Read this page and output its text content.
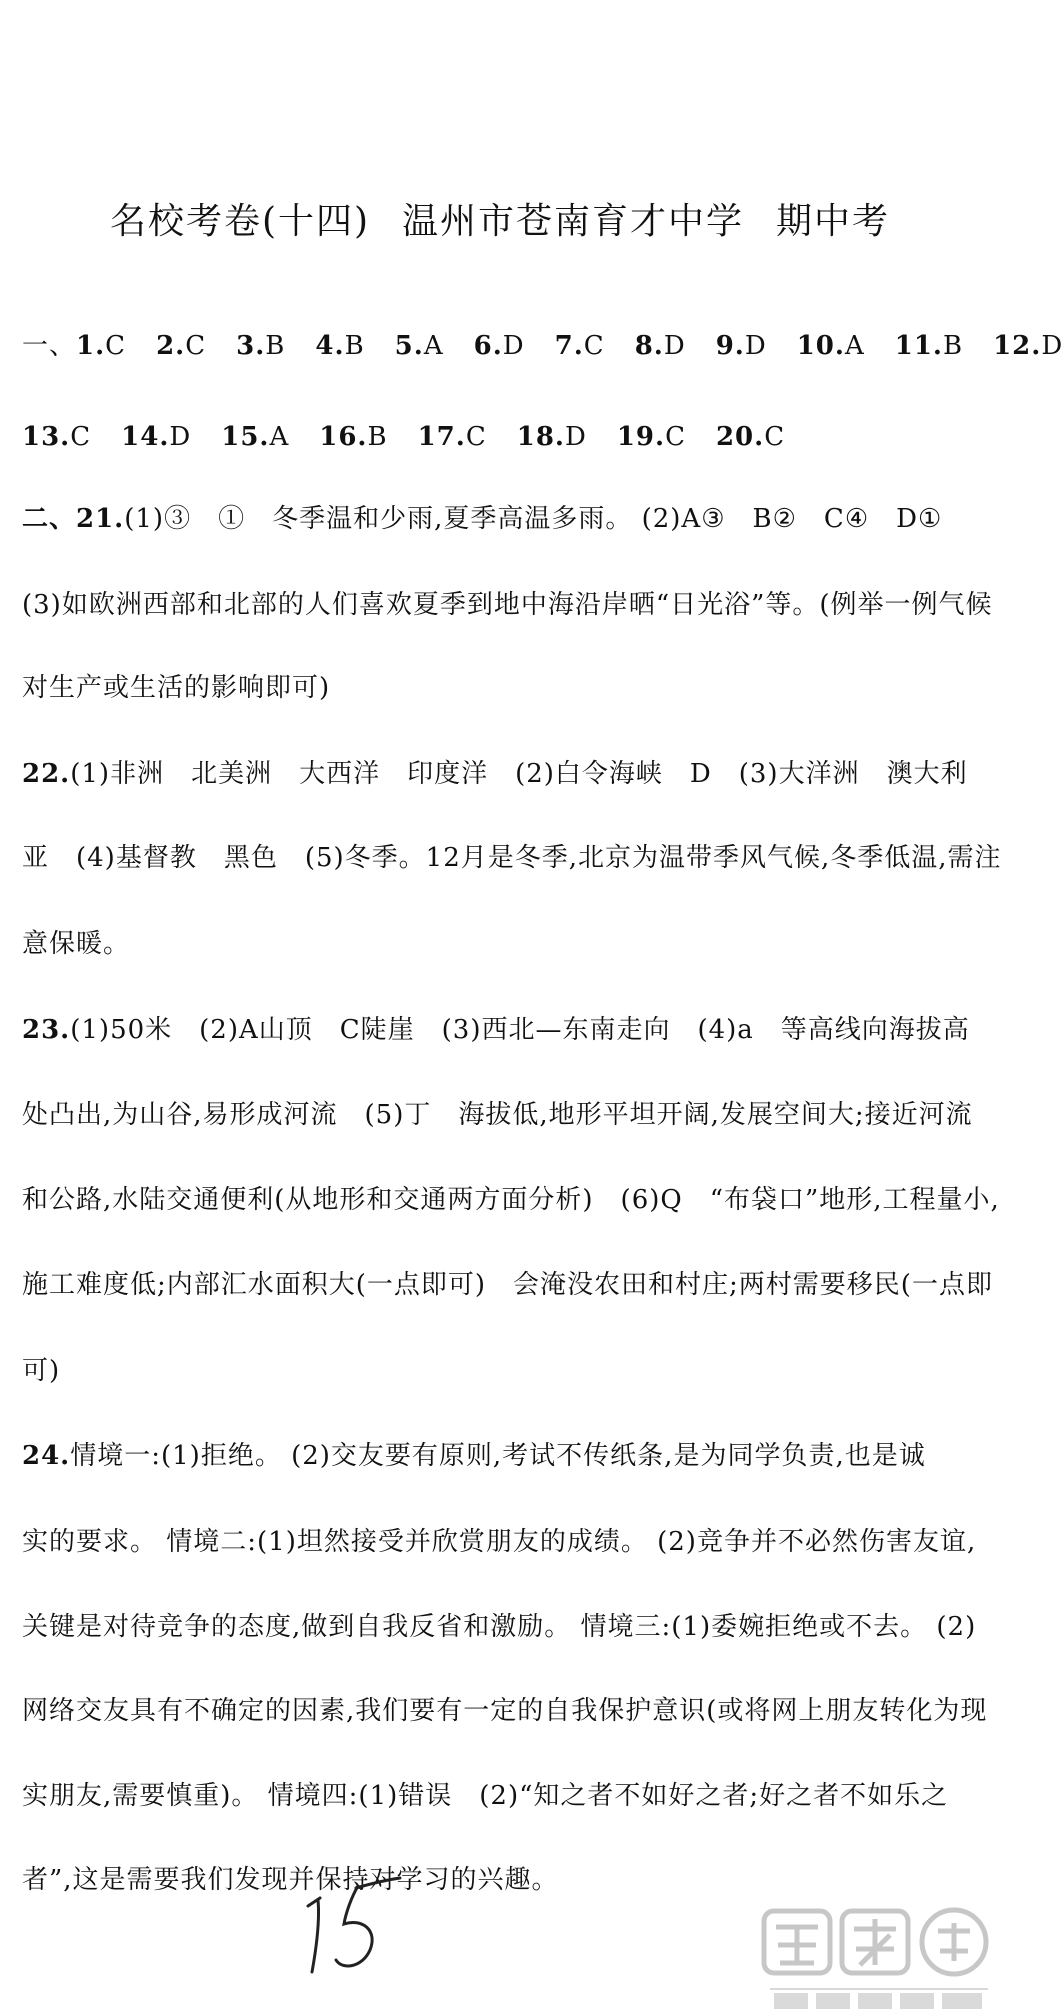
名校考卷(十四) 温州市苍南育才中学 期中考
一、1.C 2.C 3.B 4.B 5.A 6.D 7.C 8.D 9.D 10.A 11.B 12.D
13.C 14.D 15.A 16.B 17.C 18.D 19.C 20.C
二、21.(1)③　①　冬季温和少雨,夏季高温多雨。 (2)A③　B②　C④　D①
(3)如欧洲西部和北部的人们喜欢夏季到地中海沿岸晒“日光浴”等。(例举一例气候
对生产或生活的影响即可)
22.(1)非洲　北美洲　大西洋　印度洋　(2)白令海峡　D　(3)大洋洲　澳大利
亚　(4)基督教　黑色　(5)冬季。12月是冬季,北京为温带季风气候,冬季低温,需注
意保暖。
23.(1)50米　(2)A山顶　C陡崖　(3)西北—东南走向　(4)a　等高线向海拔高
处凸出,为山谷,易形成河流　(5)丁　海拔低,地形平坦开阔,发展空间大;接近河流
和公路,水陆交通便利(从地形和交通两方面分析)　(6)Q　“布袋口”地形,工程量小,
施工难度低;内部汇水面积大(一点即可)　会淹没农田和村庄;两村需要移民(一点即
可)
24.情境一:(1)拒绝。 (2)交友要有原则,考试不传纸条,是为同学负责,也是诚
实的要求。 情境二:(1)坦然接受并欣赏朋友的成绩。 (2)竞争并不必然伤害友谊,
关键是对待竞争的态度,做到自我反省和激励。 情境三:(1)委婉拒绝或不去。 (2)
网络交友具有不确定的因素,我们要有一定的自我保护意识(或将网上朋友转化为现
实朋友,需要慎重)。 情境四:(1)错误　(2)“知之者不如好之者;好之者不如乐之
者”,这是需要我们发现并保持对学习的兴趣。
